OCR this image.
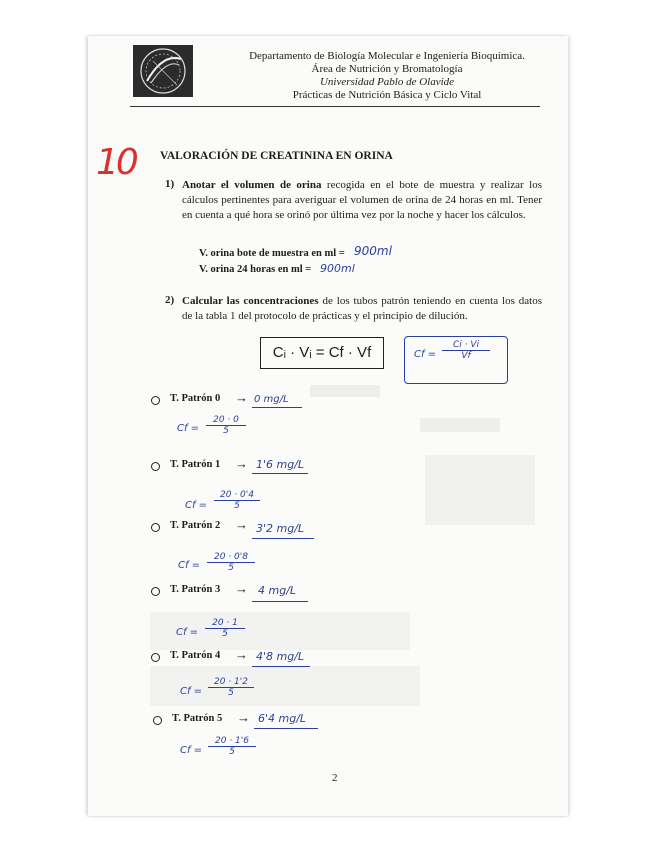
Departamento de Biología Molecular e Ingeniería Bioquímica.
Área de Nutrición y Bromatología
Universidad Pablo de Olavide
Prácticas de Nutrición Básica y Ciclo Vital
10 VALORACIÓN DE CREATININA EN ORINA
1) Anotar el volumen de orina recogida en el bote de muestra y realizar los cálculos pertinentes para averiguar el volumen de orina de 24 horas en ml. Tener en cuenta a qué hora se orinó por última vez por la noche y hacer los cálculos.
V. orina bote de muestra en ml = 900ml
V. orina 24 horas en ml = 900ml
2) Calcular las concentraciones de los tubos patrón teniendo en cuenta los datos de la tabla 1 del protocolo de prácticas y el principio de dilución.
Cᵢ · Vᵢ = Cf · Vf	$Cf = \frac{Ci \cdot Vi}{Vf}$
T. Patrón 0 → 0 mg/L
$Cf = \frac{20 \cdot 0}{5}$
T. Patrón 1 → 1'6 mg/L
$Cf = \frac{20 \cdot 0'4}{5}$
T. Patrón 2 → 3'2 mg/L
$Cf = \frac{20 \cdot 0'8}{5}$
T. Patrón 3 → 4 mg/L
$Cf = \frac{20 \cdot 1}{5}$
T. Patrón 4 → 4'8 mg/L
$Cf = \frac{20 \cdot 1'2}{5}$
T. Patrón 5 → 6'4 mg/L
$Cf = \frac{20 \cdot 1'6}{5}$
2
